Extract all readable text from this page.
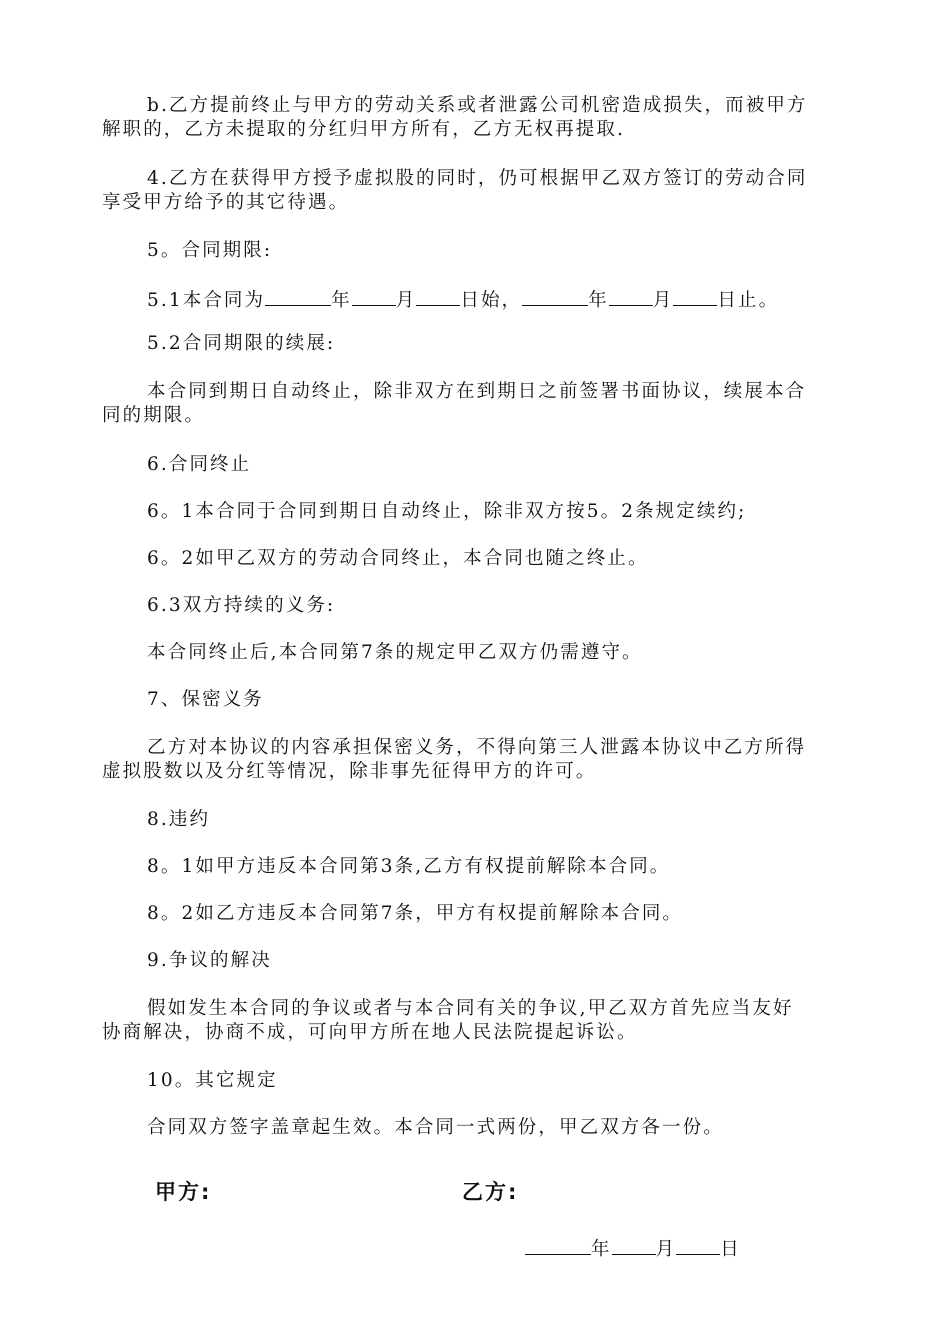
b.乙方提前终止与甲方的劳动关系或者泄露公司机密造成损失，而被甲方
解职的，乙方未提取的分红归甲方所有，乙方无权再提取.
4.乙方在获得甲方授予虚拟股的同时，仍可根据甲乙双方签订的劳动合同
享受甲方给予的其它待遇。
5。合同期限:
5.1本合同为	年 月 日始，	年 月 日止。
5.2合同期限的续展:
本合同到期日自动终止，除非双方在到期日之前签署书面协议，续展本合
同的期限。
6.合同终止
6。1本合同于合同到期日自动终止，除非双方按5。2条规定续约;
6。2如甲乙双方的劳动合同终止，本合同也随之终止。
6.3双方持续的义务:
本合同终止后,本合同第7条的规定甲乙双方仍需遵守。
7、保密义务
乙方对本协议的内容承担保密义务，不得向第三人泄露本协议中乙方所得
虚拟股数以及分红等情况，除非事先征得甲方的许可。
8.违约
8。1如甲方违反本合同第3条,乙方有权提前解除本合同。
8。2如乙方违反本合同第7条，甲方有权提前解除本合同。
9.争议的解决
假如发生本合同的争议或者与本合同有关的争议,甲乙双方首先应当友好
协商解决，协商不成，可向甲方所在地人民法院提起诉讼。
10。其它规定
合同双方签字盖章起生效。本合同一式两份，甲乙双方各一份。
甲方:	乙方:
年 月 日
